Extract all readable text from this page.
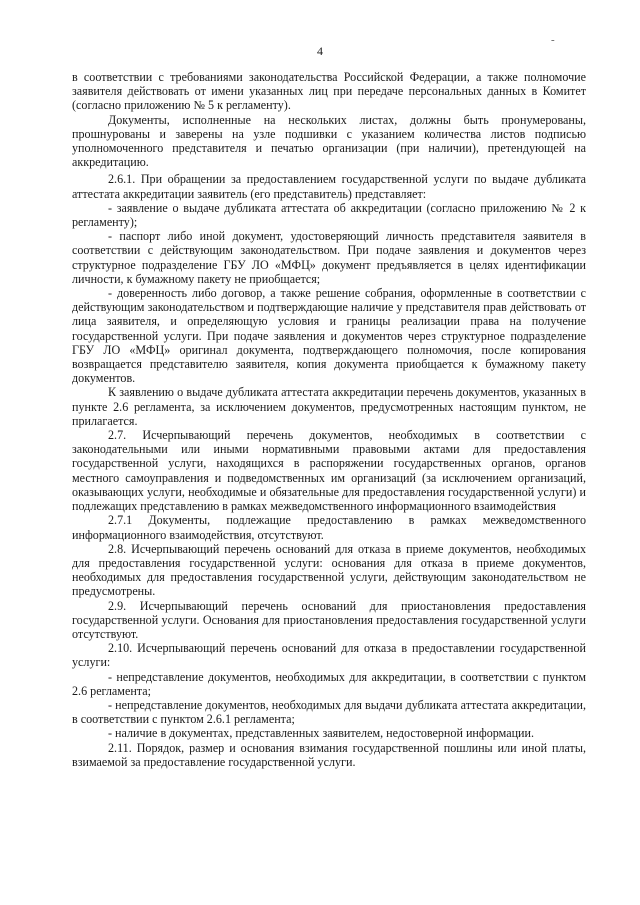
-
4

в соответствии с требованиями законодательства Российской Федерации, а также полномочие заявителя действовать от имени указанных лиц при передаче персональных данных в Комитет (согласно приложению № 5 к регламенту).

Документы, исполненные на нескольких листах, должны быть пронумерованы, прошнурованы и заверены на узле подшивки с указанием количества листов подписью уполномоченного представителя и печатью организации (при наличии), претендующей на аккредитацию.

2.6.1. При обращении за предоставлением государственной услуги по выдаче дубликата аттестата аккредитации заявитель (его представитель) представляет:

- заявление о выдаче дубликата аттестата об аккредитации (согласно приложению № 2 к регламенту);

- паспорт либо иной документ, удостоверяющий личность представителя заявителя в соответствии с действующим законодательством. При подаче заявления и документов через структурное подразделение ГБУ ЛО «МФЦ» документ предъявляется в целях идентификации личности, к бумажному пакету не приобщается;

- доверенность либо договор, а также решение собрания, оформленные в соответствии с действующим законодательством и подтверждающие наличие у представителя прав действовать от лица заявителя, и определяющую условия и границы реализации права на получение государственной услуги. При подаче заявления и документов через структурное подразделение ГБУ ЛО «МФЦ» оригинал документа, подтверждающего полномочия, после копирования возвращается представителю заявителя, копия документа приобщается к бумажному пакету документов.

К заявлению о выдаче дубликата аттестата аккредитации перечень документов, указанных в пункте 2.6 регламента, за исключением документов, предусмотренных настоящим пунктом, не прилагается.

2.7. Исчерпывающий перечень документов, необходимых в соответствии с законодательными или иными нормативными правовыми актами для предоставления государственной услуги, находящихся в распоряжении государственных органов, органов местного самоуправления и подведомственных им организаций (за исключением организаций, оказывающих услуги, необходимые и обязательные для предоставления государственной услуги) и подлежащих представлению в рамках межведомственного информационного взаимодействия

2.7.1 Документы, подлежащие предоставлению в рамках межведомственного информационного взаимодействия, отсутствуют.

2.8. Исчерпывающий перечень оснований для отказа в приеме документов, необходимых для предоставления государственной услуги: основания для отказа в приеме документов, необходимых для предоставления государственной услуги, действующим законодательством не предусмотрены.

2.9. Исчерпывающий перечень оснований для приостановления предоставления государственной услуги. Основания для приостановления предоставления государственной услуги отсутствуют.

2.10. Исчерпывающий перечень оснований для отказа в предоставлении государственной услуги:

- непредставление документов, необходимых для аккредитации, в соответствии с пунктом 2.6 регламента;

- непредставление документов, необходимых для выдачи дубликата аттестата аккредитации, в соответствии с пунктом 2.6.1 регламента;

- наличие в документах, представленных заявителем, недостоверной информации.

2.11. Порядок, размер и основания взимания государственной пошлины или иной платы, взимаемой за предоставление государственной услуги.
